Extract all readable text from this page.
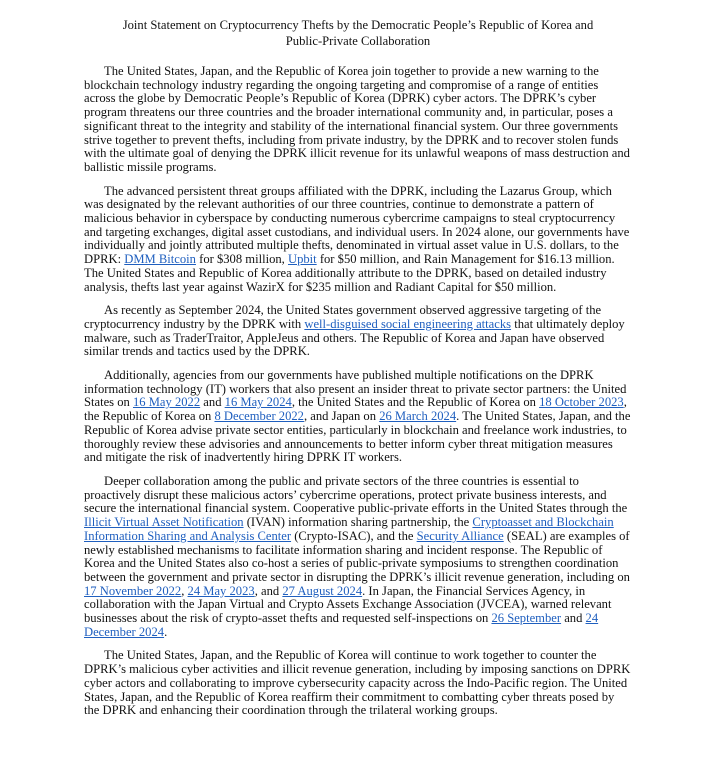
Joint Statement on Cryptocurrency Thefts by the Democratic People’s Republic of Korea and
Public-Private Collaboration

The United States, Japan, and the Republic of Korea join together to provide a new warning to the blockchain technology industry regarding the ongoing targeting and compromise of a range of entities across the globe by Democratic People’s Republic of Korea (DPRK) cyber actors. The DPRK’s cyber program threatens our three countries and the broader international community and, in particular, poses a significant threat to the integrity and stability of the international financial system. Our three governments strive together to prevent thefts, including from private industry, by the DPRK and to recover stolen funds with the ultimate goal of denying the DPRK illicit revenue for its unlawful weapons of mass destruction and ballistic missile programs.

The advanced persistent threat groups affiliated with the DPRK, including the Lazarus Group, which was designated by the relevant authorities of our three countries, continue to demonstrate a pattern of malicious behavior in cyberspace by conducting numerous cybercrime campaigns to steal cryptocurrency and targeting exchanges, digital asset custodians, and individual users. In 2024 alone, our governments have individually and jointly attributed multiple thefts, denominated in virtual asset value in U.S. dollars, to the DPRK: DMM Bitcoin for $308 million, Upbit for $50 million, and Rain Management for $16.13 million. The United States and Republic of Korea additionally attribute to the DPRK, based on detailed industry analysis, thefts last year against WazirX for $235 million and Radiant Capital for $50 million.

As recently as September 2024, the United States government observed aggressive targeting of the cryptocurrency industry by the DPRK with well-disguised social engineering attacks that ultimately deploy malware, such as TraderTraitor, AppleJeus and others. The Republic of Korea and Japan have observed similar trends and tactics used by the DPRK.

Additionally, agencies from our governments have published multiple notifications on the DPRK information technology (IT) workers that also present an insider threat to private sector partners: the United States on 16 May 2022 and 16 May 2024, the United States and the Republic of Korea on 18 October 2023, the Republic of Korea on 8 December 2022, and Japan on 26 March 2024. The United States, Japan, and the Republic of Korea advise private sector entities, particularly in blockchain and freelance work industries, to thoroughly review these advisories and announcements to better inform cyber threat mitigation measures and mitigate the risk of inadvertently hiring DPRK IT workers.

Deeper collaboration among the public and private sectors of the three countries is essential to proactively disrupt these malicious actors’ cybercrime operations, protect private business interests, and secure the international financial system. Cooperative public-private efforts in the United States through the Illicit Virtual Asset Notification (IVAN) information sharing partnership, the Cryptoasset and Blockchain Information Sharing and Analysis Center (Crypto-ISAC), and the Security Alliance (SEAL) are examples of newly established mechanisms to facilitate information sharing and incident response. The Republic of Korea and the United States also co-host a series of public-private symposiums to strengthen coordination between the government and private sector in disrupting the DPRK’s illicit revenue generation, including on 17 November 2022, 24 May 2023, and 27 August 2024. In Japan, the Financial Services Agency, in collaboration with the Japan Virtual and Crypto Assets Exchange Association (JVCEA), warned relevant businesses about the risk of crypto-asset thefts and requested self-inspections on 26 September and 24 December 2024.

The United States, Japan, and the Republic of Korea will continue to work together to counter the DPRK’s malicious cyber activities and illicit revenue generation, including by imposing sanctions on DPRK cyber actors and collaborating to improve cybersecurity capacity across the Indo-Pacific region. The United States, Japan, and the Republic of Korea reaffirm their commitment to combatting cyber threats posed by the DPRK and enhancing their coordination through the trilateral working groups.
